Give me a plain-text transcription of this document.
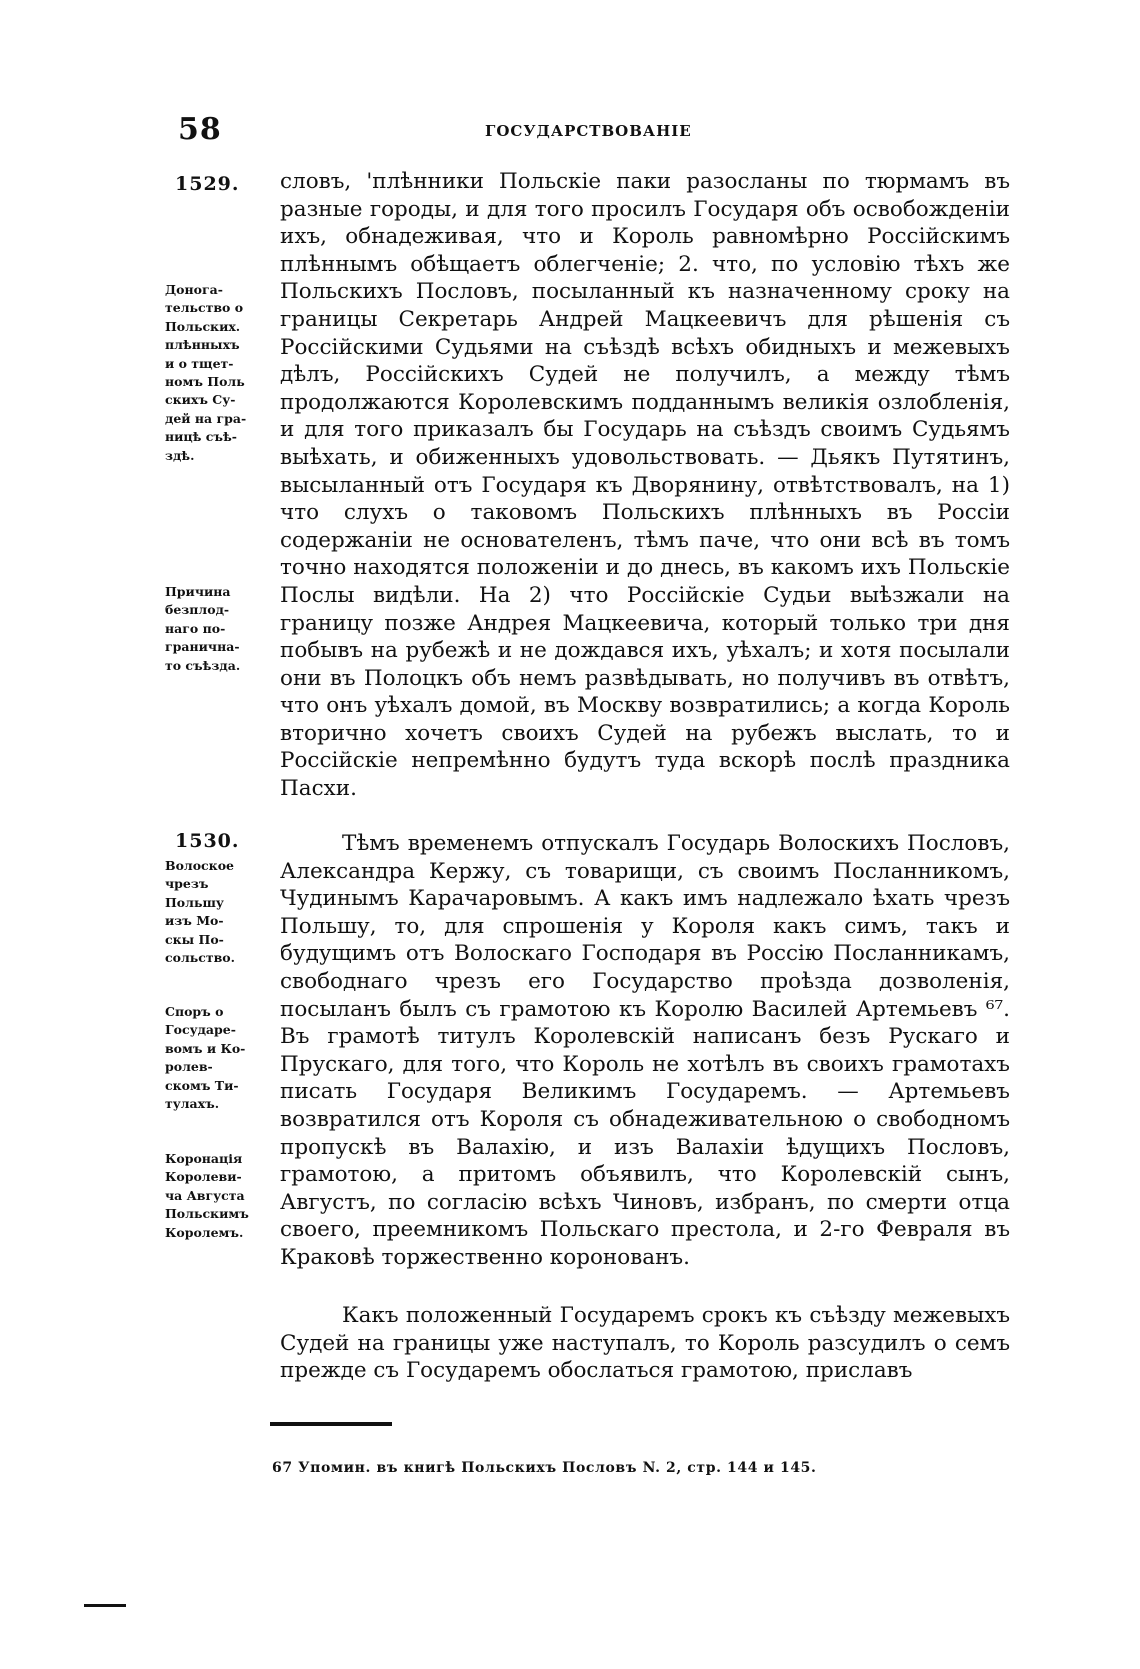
58	ГОСУДАРСТВОВАНІЕ
1529.
Донога-
тельство о
Польских.
плѣнныхъ
и о тщет-
номъ Поль
скихъ Су-
дей на гра-
ницѣ съѣ-
здѣ.
Причина
безплод-
наго по-
гранична-
то съѣзда.

словъ, 'плѣнники Польскіе паки разосланы по тюрмамъ въ разные городы, и для того просилъ Государя объ освобожденіи ихъ, обнадеживая, что и Король равномѣрно Россійскимъ плѣннымъ обѣщаетъ облегченіе; 2. что, по условію тѣхъ же Польскихъ Пословъ, посыланный къ назначенному сроку на границы Секретарь Андрей Мацкеевичъ для рѣшенія съ Россійскими Судьями на съѣздѣ всѣхъ обидныхъ и межевыхъ дѣлъ, Россійскихъ Судей не получилъ, а между тѣмъ продолжаются Королевскимъ подданнымъ великія озлобленія, и для того приказалъ бы Государь на съѣздъ своимъ Судьямъ выѣхать, и обиженныхъ удовольствовать. — Дьякъ Путятинъ, высыланный отъ Государя къ Дворянину, отвѣтствовалъ, на 1) что слухъ о таковомъ Польскихъ плѣнныхъ въ Россіи содержаніи не основателенъ, тѣмъ паче, что они всѣ въ томъ точно находятся положеніи и до днесь, въ какомъ ихъ Польскіе Послы видѣли. На 2) что Россійскіе Судьи выѣзжали на границу позже Андрея Мацкеевича, который только три дня побывъ на рубежѣ и не дождався ихъ, уѣхалъ; и хотя посылали они въ Полоцкъ объ немъ развѣдывать, но получивъ въ отвѣтъ, что онъ уѣхалъ домой, въ Москву возвратились; а когда Король вторично хочетъ своихъ Судей на рубежъ выслать, то и Россійскіе непремѣнно будутъ туда вскорѣ послѣ праздника Пасхи.

1530.
Волоское
чрезъ
Польшу
изъ Мо-
скы По-
сольство.
Споръ о
Государе-
вомъ и Ко-
ролев-
скомъ Ти-
тулахъ.
Коронація
Королеви-
ча Августа
Польскимъ
Королемъ.

Тѣмъ временемъ отпускалъ Государь Волоскихъ Пословъ, Александра Кержу, съ товарищи, съ своимъ Посланникомъ, Чудинымъ Карачаровымъ. А какъ имъ надлежало ѣхать чрезъ Польшу, то, для спрошенія у Короля какъ симъ, такъ и будущимъ отъ Волоскаго Господаря въ Россію Посланникамъ, свободнаго чрезъ его Государство проѣзда дозволенія, посыланъ былъ съ грамотою къ Королю Василей Артемьевъ ⁶⁷. Въ грамотѣ титулъ Королевскій написанъ безъ Рускаго и Прускаго, для того, что Король не хотѣлъ въ своихъ грамотахъ писать Государя Великимъ Государемъ. — Артемьевъ возвратился отъ Короля съ обнадеживательною о свободномъ пропускѣ въ Валахію, и изъ Валахіи ѣдущихъ Пословъ, грамотою, а притомъ объявилъ, что Королевскій сынъ, Августъ, по согласію всѣхъ Чиновъ, избранъ, по смерти отца своего, преемникомъ Польскаго престола, и 2-го Февраля въ Краковѣ торжественно коронованъ.

Какъ положенный Государемъ срокъ къ съѣзду межевыхъ Судей на границы уже наступалъ, то Король разсудилъ о семъ прежде съ Государемъ обослаться грамотою, приславъ

67 Упомин. въ книгѣ Польскихъ Пословъ N. 2, стр. 144 и 145.
